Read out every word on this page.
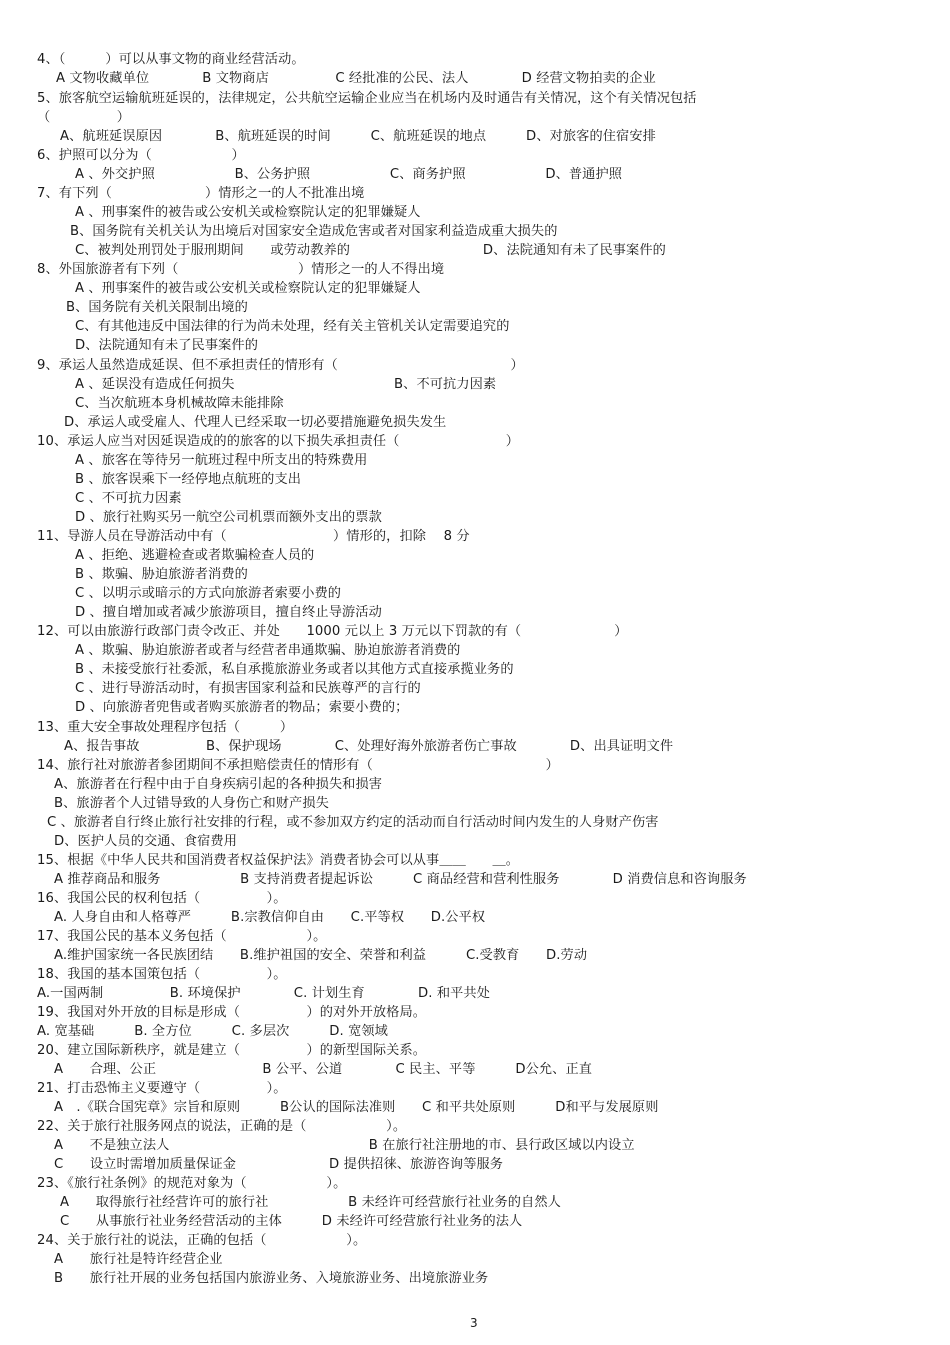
4、（　　　）可以从事文物的商业经营活动。
A 文物收藏单位　　　　B 文物商店　　　　　C 经批准的公民、法人　　　　D 经营文物拍卖的企业
5、旅客航空运输航班延误的，法律规定，公共航空运输企业应当在机场内及时通告有关情况，这个有关情况包括
（　　　　　）
A、航班延误原因　　　　B、航班延误的时间　　　C、航班延误的地点　　　D、对旅客的住宿安排
6、护照可以分为（　　　　　　）
A 、外交护照　　　　　　B、公务护照　　　　　　C、商务护照　　　　　　D、普通护照
7、有下列（　　　　　　　）情形之一的人不批准出境
A 、刑事案件的被告或公安机关或检察院认定的犯罪嫌疑人
B、国务院有关机关认为出境后对国家安全造成危害或者对国家利益造成重大损失的
C、被判处刑罚处于服刑期间　　或劳动教养的　　　　　　　　　　D、法院通知有未了民事案件的
8、外国旅游者有下列（　　　　　　　　　）情形之一的人不得出境
A 、刑事案件的被告或公安机关或检察院认定的犯罪嫌疑人
B、国务院有关机关限制出境的
C、有其他违反中国法律的行为尚未处理，经有关主管机关认定需要追究的
D、法院通知有未了民事案件的
9、承运人虽然造成延误、但不承担责任的情形有（　　　　　　　　　　　　　）
A 、延误没有造成任何损失　　　　　　　　　　　　B、不可抗力因素
C、当次航班本身机械故障未能排除
D、承运人或受雇人、代理人已经采取一切必要措施避免损失发生
10、承运人应当对因延误造成的的旅客的以下损失承担责任（　　　　　　　　）
A 、旅客在等待另一航班过程中所支出的特殊费用
B 、旅客误乘下一经停地点航班的支出
C 、不可抗力因素
D 、旅行社购买另一航空公司机票而额外支出的票款
11、导游人员在导游活动中有（　　　　　　　　）情形的，扣除　 8 分
A 、拒绝、逃避检查或者欺骗检查人员的
B 、欺骗、胁迫旅游者消费的
C 、以明示或暗示的方式向旅游者索要小费的
D 、擅自增加或者减少旅游项目，擅自终止导游活动
12、可以由旅游行政部门责令改正、并处　　1000 元以上 3 万元以下罚款的有（　　　　　　　）
A 、欺骗、胁迫旅游者或者与经营者串通欺骗、胁迫旅游者消费的
B 、未接受旅行社委派，私自承揽旅游业务或者以其他方式直接承揽业务的
C 、进行导游活动时，有损害国家利益和民族尊严的言行的
D 、向旅游者兜售或者购买旅游者的物品；索要小费的；
13、重大安全事故处理程序包括（　　　）
A、报告事故　　　　　B、保护现场　　　　C、处理好海外旅游者伤亡事故　　　　D、出具证明文件
14、旅行社对旅游者参团期间不承担赔偿责任的情形有（　　　　　　　　　　　　　）
A、旅游者在行程中由于自身疾病引起的各种损失和损害
B、旅游者个人过错导致的人身伤亡和财产损失
C 、旅游者自行终止旅行社安排的行程，或不参加双方约定的活动而自行活动时间内发生的人身财产伤害
D、医护人员的交通、食宿费用
15、根据《中华人民共和国消费者权益保护法》消费者协会可以从事＿＿　　＿。
A 推荐商品和服务　　　　　　B 支持消费者提起诉讼　　　C 商品经营和营利性服务　　　　D 消费信息和咨询服务
16、我国公民的权利包括（　　　　　）。
A. 人身自由和人格尊严　　　B.宗教信仰自由　　C.平等权　　D.公平权
17、我国公民的基本义务包括（　　　　　　）。
A.维护国家统一各民族团结　　B.维护祖国的安全、荣誉和利益　　　C.受教育　　D.劳动
18、我国的基本国策包括（　　　　　）。
A.一国两制　　　　　B. 环境保护　　　　C. 计划生育　　　　D. 和平共处
19、我国对外开放的目标是形成（　　　　　）的对外开放格局。
A. 宽基础　　　B. 全方位　　　C. 多层次　　　D. 宽领域
20、建立国际新秩序，就是建立（　　　　　）的新型国际关系。
A　　合理、公正　　　　　　　　B 公平、公道　　　　C 民主、平等　　　D公允、正直
21、打击恐怖主义要遵守（　　　　　）。
A　.《联合国宪章》宗旨和原则　　　B公认的国际法准则　　C 和平共处原则　　　D和平与发展原则
22、关于旅行社服务网点的说法，正确的是（　　　　　　）。
A　　不是独立法人　　　　　　　　　　　　　　　B 在旅行社注册地的市、县行政区域以内设立
C　　设立时需增加质量保证金　　　　　　　D 提供招徕、旅游咨询等服务
23、《旅行社条例》的规范对象为（　　　　　　）。
A　　取得旅行社经营许可的旅行社　　　　　　B 未经许可经营旅行社业务的自然人
C　　从事旅行社业务经营活动的主体　　　D 未经许可经营旅行社业务的法人
24、关于旅行社的说法，正确的包括（　　　　　　）。
A　　旅行社是特许经营企业
B　　旅行社开展的业务包括国内旅游业务、入境旅游业务、出境旅游业务
3
